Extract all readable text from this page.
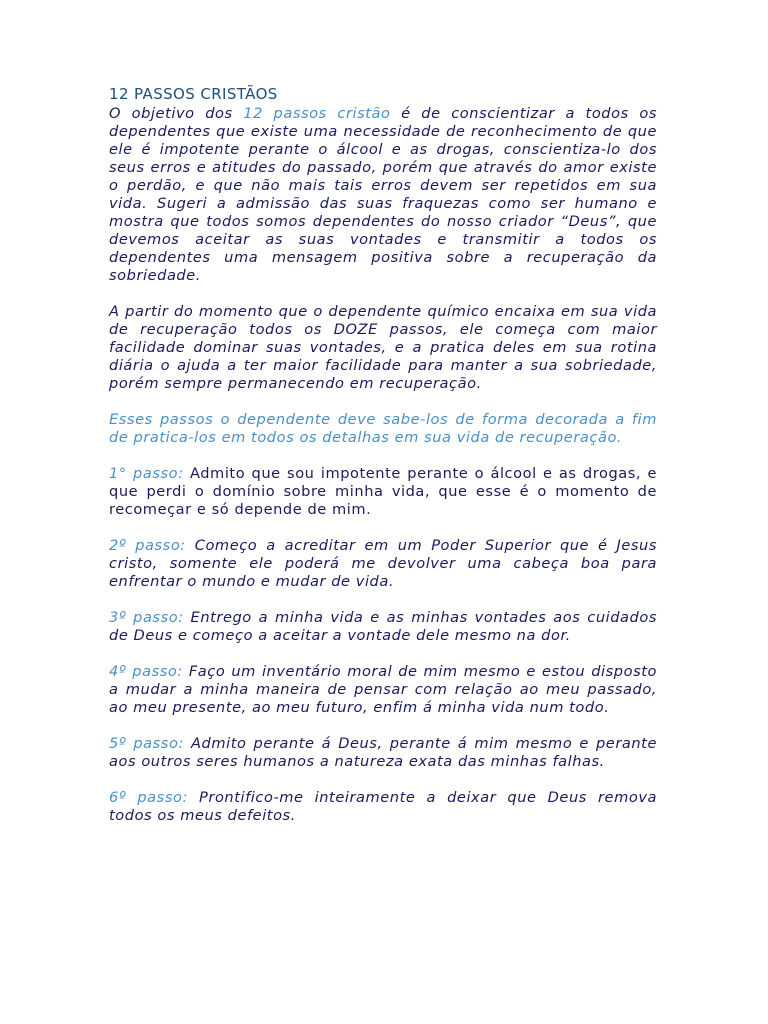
12 PASSOS CRISTÃOS

O objetivo dos 12 passos cristão é de conscientizar a todos os dependentes que existe uma necessidade de reconhecimento de que ele é impotente perante o álcool e as drogas, conscientiza-lo dos seus erros e atitudes do passado, porém que através do amor existe o perdão, e que não mais tais erros devem ser repetidos em sua vida. Sugeri a admissão das suas fraquezas como ser humano e mostra que todos somos dependentes do nosso criador “Deus”, que devemos aceitar as suas vontades e transmitir a todos os dependentes uma mensagem positiva sobre a recuperação da sobriedade.

A partir do momento que o dependente químico encaixa em sua vida de recuperação todos os DOZE passos, ele começa com maior facilidade dominar suas vontades, e a pratica deles em sua rotina diária o ajuda a ter maior facilidade para manter a sua sobriedade, porém sempre permanecendo em recuperação.

Esses passos o dependente deve sabe-los de forma decorada a fim de pratica-los em todos os detalhas em sua vida de recuperação.

1° passo: Admito que sou impotente perante o álcool e as drogas, e que perdi o domínio sobre minha vida, que esse é o momento de recomeçar e só depende de mim.

2º passo: Começo a acreditar em um Poder Superior que é Jesus cristo, somente ele poderá me devolver uma cabeça boa para enfrentar o mundo e mudar de vida.

3º passo: Entrego a minha vida e as minhas vontades aos cuidados de Deus e começo a aceitar a vontade dele mesmo na dor.

4º passo: Faço um inventário moral de mim mesmo e estou disposto a mudar a minha maneira de pensar com relação ao meu passado, ao meu presente, ao meu futuro, enfim á minha vida num todo.

5º passo: Admito perante á Deus, perante á mim mesmo e perante aos outros seres humanos a natureza exata das minhas falhas.

6º passo: Prontifico-me inteiramente a deixar que Deus remova todos os meus defeitos.
